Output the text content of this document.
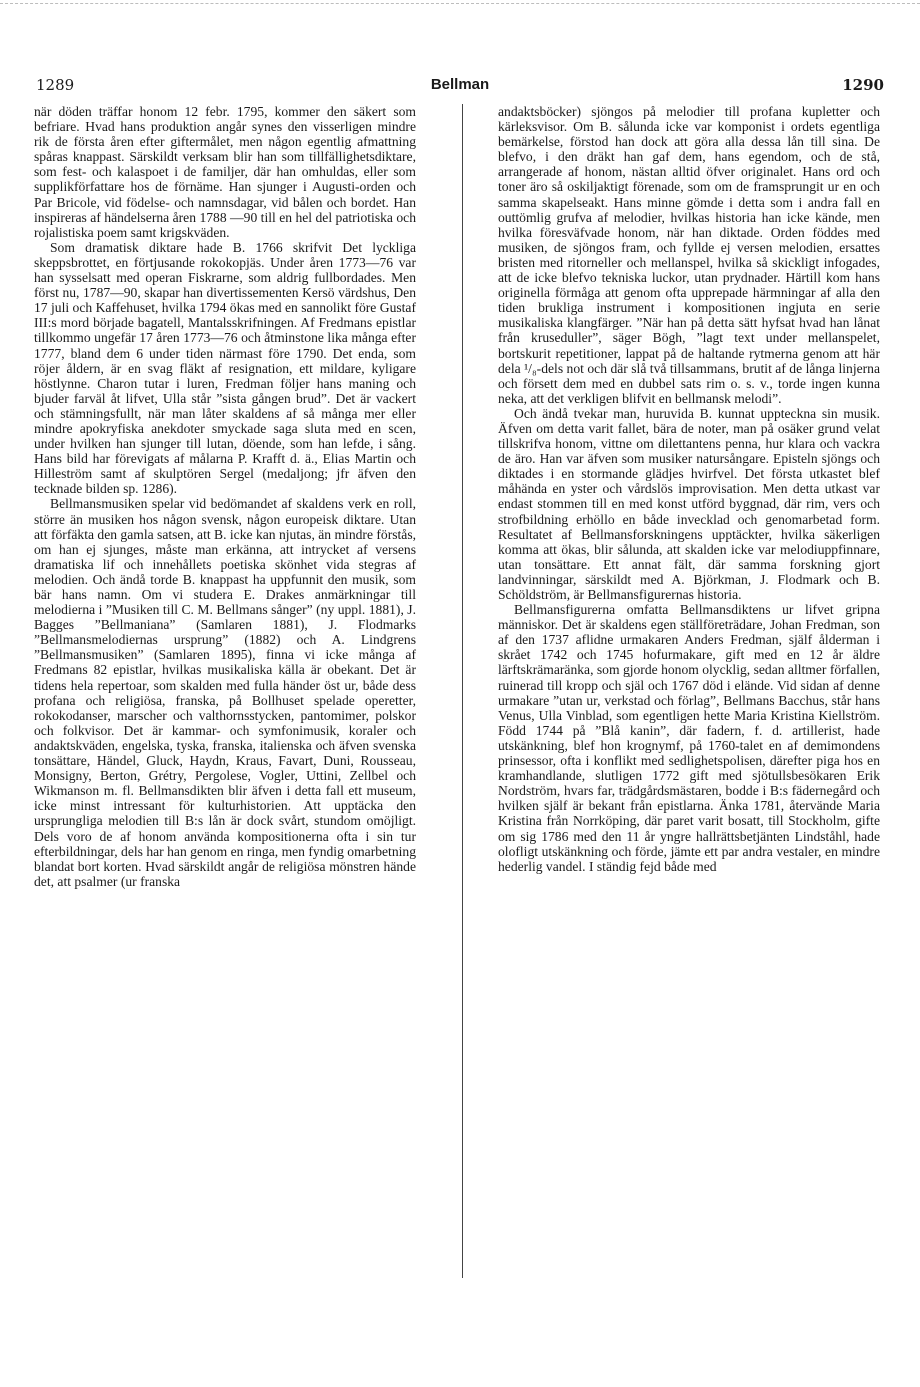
1289	Bellman	1290

när döden träffar honom 12 febr. 1795, kommer den säkert som befriare. Hvad hans produktion angår synes den visserligen mindre rik de första åren efter giftermålet, men någon egentlig afmattning spåras knappast. Särskildt verksam blir han som tillfällighetsdiktare, som fest- och kalaspoet i de familjer, där han omhuldas, eller som supplikförfattare hos de förnäme. Han sjunger i Augusti-orden och Par Bricole, vid födelse- och namnsdagar, vid bålen och bordet. Han inspireras af händelserna åren 1788 —90 till en hel del patriotiska och rojalistiska poem samt krigskväden.

Som dramatisk diktare hade B. 1766 skrifvit Det lyckliga skeppsbrottet, en förtjusande rokokopjäs. Under åren 1773—76 var han sysselsatt med operan Fiskrarne, som aldrig fullbordades. Men först nu, 1787—90, skapar han divertissementen Kersö värdshus, Den 17 juli och Kaffehuset, hvilka 1794 ökas med en sannolikt före Gustaf III:s mord började bagatell, Mantalsskrifningen. Af Fredmans epistlar tillkommo ungefär 17 åren 1773—76 och åtminstone lika många efter 1777, bland dem 6 under tiden närmast före 1790. Det enda, som röjer åldern, är en svag fläkt af resignation, ett mildare, kyligare höstlynne. Charon tutar i luren, Fredman följer hans maning och bjuder farväl åt lifvet, Ulla står ”sista gången brud”. Det är vackert och stämningsfullt, när man låter skaldens af så många mer eller mindre apokryfiska anekdoter smyckade saga sluta med en scen, under hvilken han sjunger till lutan, döende, som han lefde, i sång. Hans bild har förevigats af målarna P. Krafft d. ä., Elias Martin och Hilleström samt af skulptören Sergel (medaljong; jfr äfven den tecknade bilden sp. 1286).

Bellmansmusiken spelar vid bedömandet af skaldens verk en roll, större än musiken hos någon svensk, någon europeisk diktare. Utan att förfäkta den gamla satsen, att B. icke kan njutas, än mindre förstås, om han ej sjunges, måste man erkänna, att intrycket af versens dramatiska lif och innehållets poetiska skönhet vida stegras af melodien. Och ändå torde B. knappast ha uppfunnit den musik, som bär hans namn. Om vi studera E. Drakes anmärkningar till melodierna i ”Musiken till C. M. Bellmans sånger” (ny uppl. 1881), J. Bagges ”Bellmaniana” (Samlaren 1881), J. Flodmarks ”Bellmansmelodiernas ursprung” (1882) och A. Lindgrens ”Bellmansmusiken” (Samlaren 1895), finna vi icke många af Fredmans 82 epistlar, hvilkas musikaliska källa är obekant. Det är tidens hela repertoar, som skalden med fulla händer öst ur, både dess profana och religiösa, franska, på Bollhuset spelade operetter, rokokodanser, marscher och valthornsstycken, pantomimer, polskor och folkvisor. Det är kammar- och symfonimusik, koraler och andaktskväden, engelska, tyska, franska, italienska och äfven svenska tonsättare, Händel, Gluck, Haydn, Kraus, Favart, Duni, Rousseau, Monsigny, Berton, Grétry, Pergolese, Vogler, Uttini, Zellbel och Wikmanson m. fl. Bellmansdikten blir äfven i detta fall ett museum, icke minst intressant för kulturhistorien. Att upptäcka den ursprungliga melodien till B:s lån är dock svårt, stundom omöjligt. Dels voro de af honom använda kompositionerna ofta i sin tur efterbildningar, dels har han genom en ringa, men fyndig omarbetning blandat bort korten. Hvad särskildt angår de religiösa mönstren hände det, att psalmer (ur franska

andaktsböcker) sjöngos på melodier till profana kupletter och kärleksvisor. Om B. sålunda icke var komponist i ordets egentliga bemärkelse, förstod han dock att göra alla dessa lån till sina. De blefvo, i den dräkt han gaf dem, hans egendom, och de stå, arrangerade af honom, nästan alltid öfver originalet. Hans ord och toner äro så oskiljaktigt förenade, som om de framsprungit ur en och samma skapelseakt. Hans minne gömde i detta som i andra fall en outtömlig grufva af melodier, hvilkas historia han icke kände, men hvilka föresväfvade honom, när han diktade. Orden föddes med musiken, de sjöngos fram, och fyllde ej versen melodien, ersattes bristen med ritorneller och mellanspel, hvilka så skickligt infogades, att de icke blefvo tekniska luckor, utan prydnader. Härtill kom hans originella förmåga att genom ofta upprepade härmningar af alla den tiden brukliga instrument i kompositionen ingjuta en serie musikaliska klangfärger. ”När han på detta sätt hyfsat hvad han lånat från kruseduller”, säger Bögh, ”lagt text under mellanspelet, bortskurit repetitioner, lappat på de haltande rytmerna genom att här dela ¹/₈-dels not och där slå två tillsammans, brutit af de långa linjerna och försett dem med en dubbel sats rim o. s. v., torde ingen kunna neka, att det verkligen blifvit en bellmansk melodi”.

Och ändå tvekar man, huruvida B. kunnat uppteckna sin musik. Äfven om detta varit fallet, bära de noter, man på osäker grund velat tillskrifva honom, vittne om dilettantens penna, hur klara och vackra de äro. Han var äfven som musiker natursångare. Episteln sjöngs och diktades i en stormande glädjes hvirfvel. Det första utkastet blef måhända en yster och vårdslös improvisation. Men detta utkast var endast stommen till en med konst utförd byggnad, där rim, vers och strofbildning erhöllo en både invecklad och genomarbetad form. Resultatet af Bellmansforskningens upptäckter, hvilka säkerligen komma att ökas, blir sålunda, att skalden icke var melodiuppfinnare, utan tonsättare. Ett annat fält, där samma forskning gjort landvinningar, särskildt med A. Björkman, J. Flodmark och B. Schöldström, är Bellmansfigurernas historia.

Bellmansfigurerna omfatta Bellmansdiktens ur lifvet gripna människor. Det är skaldens egen ställföreträdare, Johan Fredman, son af den 1737 aflidne urmakaren Anders Fredman, själf ålderman i skrået 1742 och 1745 hofurmakare, gift med en 12 år äldre lärftskrämaränka, som gjorde honom olycklig, sedan alltmer förfallen, ruinerad till kropp och själ och 1767 död i elände. Vid sidan af denne urmakare ”utan ur, verkstad och förlag”, Bellmans Bacchus, står hans Venus, Ulla Vinblad, som egentligen hette Maria Kristina Kiellström. Född 1744 på ”Blå kanin”, där fadern, f. d. artillerist, hade utskänkning, blef hon krognymf, på 1760-talet en af demimondens prinsessor, ofta i konflikt med sedlighetspolisen, därefter piga hos en kramhandlande, slutligen 1772 gift med sjötullsbesökaren Erik Nordström, hvars far, trädgårdsmästaren, bodde i B:s fädernegård och hvilken själf är bekant från epistlarna. Änka 1781, återvände Maria Kristina från Norrköping, där paret varit bosatt, till Stockholm, gifte om sig 1786 med den 11 år yngre hallrättsbetjänten Lindståhl, hade olofligt utskänkning och förde, jämte ett par andra vestaler, en mindre hederlig vandel. I ständig fejd både med
